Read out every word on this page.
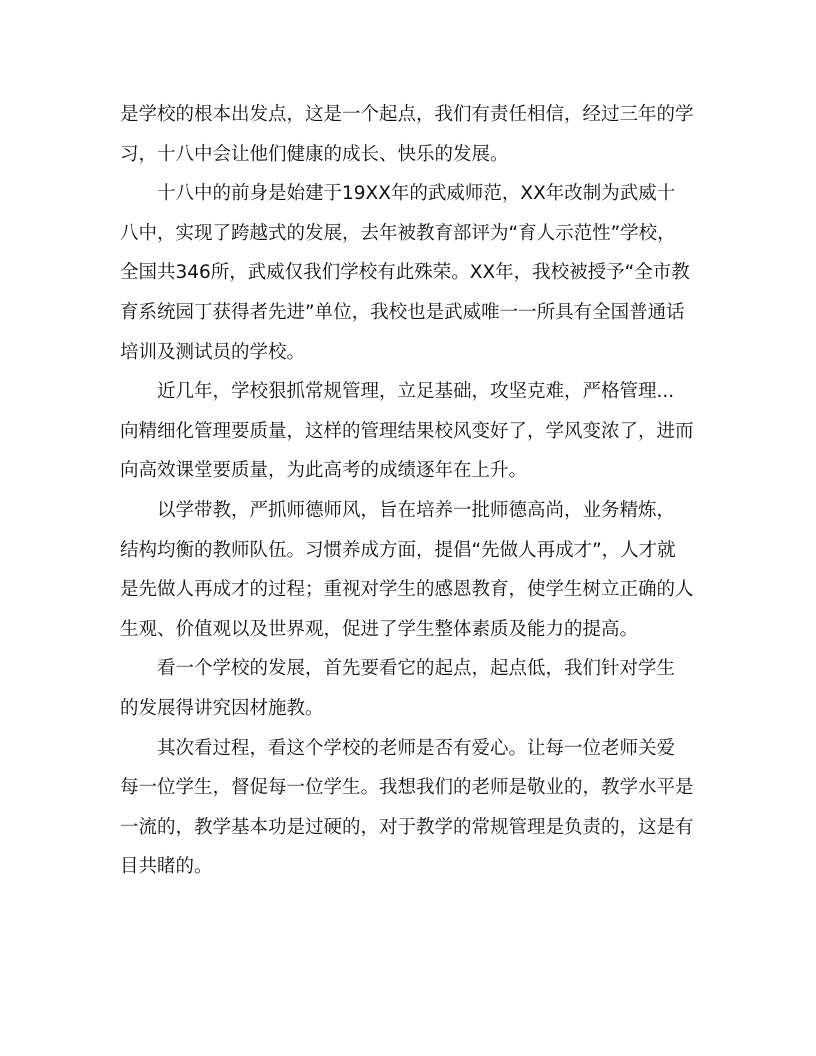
是学校的根本出发点，这是一个起点，我们有责任相信，经过三年的学
习，十八中会让他们健康的成长、快乐的发展。

十八中的前身是始建于19XX年的武威师范，XX年改制为武威十
八中，实现了跨越式的发展，去年被教育部评为“育人示范性”学校，
全国共346所，武威仅我们学校有此殊荣。XX年，我校被授予“全市教
育系统园丁获得者先进”单位，我校也是武威唯一一所具有全国普通话
培训及测试员的学校。

近几年，学校狠抓常规管理，立足基础，攻坚克难，严格管理...
向精细化管理要质量，这样的管理结果校风变好了，学风变浓了，进而
向高效课堂要质量，为此高考的成绩逐年在上升。

以学带教，严抓师德师风，旨在培养一批师德高尚，业务精炼，
结构均衡的教师队伍。习惯养成方面，提倡“先做人再成才”，人才就
是先做人再成才的过程；重视对学生的感恩教育，使学生树立正确的人
生观、价值观以及世界观，促进了学生整体素质及能力的提高。

看一个学校的发展，首先要看它的起点，起点低，我们针对学生
的发展得讲究因材施教。

其次看过程，看这个学校的老师是否有爱心。让每一位老师关爱
每一位学生，督促每一位学生。我想我们的老师是敬业的，教学水平是
一流的，教学基本功是过硬的，对于教学的常规管理是负责的，这是有
目共睹的。
